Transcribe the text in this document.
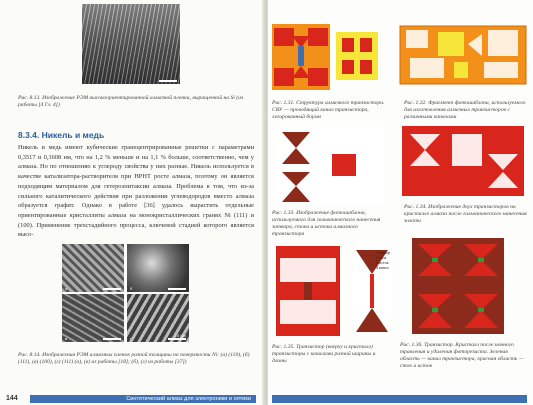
Рис. 8.13. Изображение РЭМ высокоориентированной алмазной пленки, выращенной на Si (из работы [4 Гл. 4])
8.3.4. Никель и медь
Никель и медь имеют кубические гранецентрированные решетки с параметрами 0,3517 и 0,3608 нм, что на 1,2 % меньше и на 1,1 % больше, соответственно, чем у алмаза. Но по отношению к углероду свойства у них разные. Никель используется в качестве катализатора-растворителя при НРНТ росте алмаза, поэтому он является подходящим материалом для гетероэпитаксии алмаза. Проблема в том, что из-за сильного каталитического действия при разложении углеводородов вместо алмаза образуется графит. Однако в работе [36] удалось вырастить отдельные ориентированные кристаллиты алмаза на монокристаллических гранях Ni (111) и (100). Применение трехстадийного процесса, ключевой стадией которого является высо-
а	б
в	г
10 µm
Рис. 8.14. Изображения РЭМ алмазных пленок разной толщины на поверхности Ni: (а) (110), (б) (111), (в) (100), (г) (111) (а), (в) из работы [18]; (б), (г) из работы [37])
144	Синтетический алмаз для электроники и оптики
Рис. 1.31. Структура алмазного транзистора. СВУ — проводящий канал транзистора, легированный бором
Рис. 1.32. Фрагмент фотошаблона, используемого для изготовления алмазных транзисторов с различными каналами
Рис. 1.33. Изображение фотошаблона, используемого для гальванического нанесения затвора, стока и истока алмазного транзистора
Рис. 1.34. Изображение двух транзисторов на кристалле алмаза после гальванического нанесения золота
Рис. 1.35. Транзистор (вверху и кристалл) транзисторы с каналами разной ширины и длины
1 затвор
2 сток
3 исток
4 канал
Рис. 1.36. Транзистор. Кристалл после ионного травления и удаления фоторезиста. Зеленая область — канал транзистора, красная область — сток и исток
